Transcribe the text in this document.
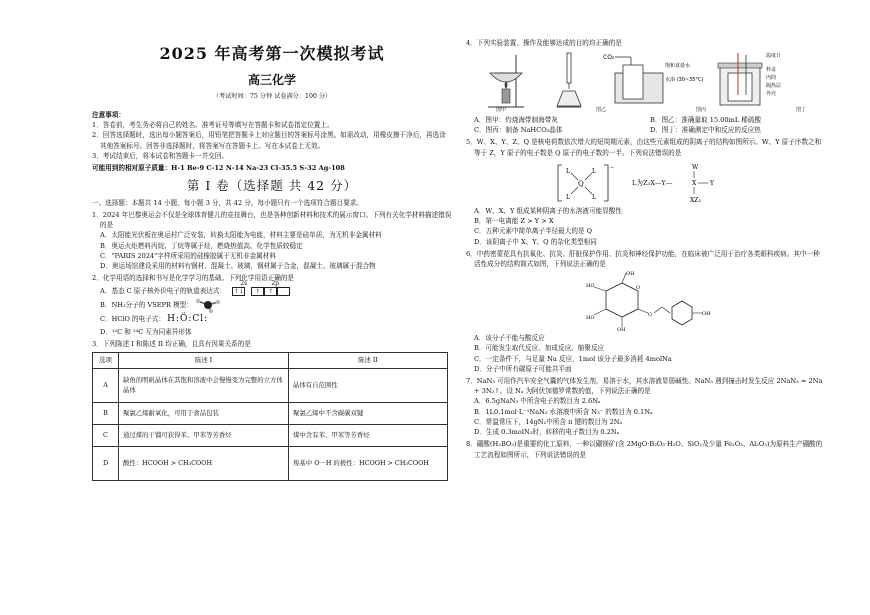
2025 年高考第一次模拟考试
高三化学
（考试时间：75 分钟 试卷满分：100 分）
注意事项：
1．答卷前，考生务必将自己的姓名、准考证号等填写在答题卡和试卷指定位置上。
2．回答选择题时，选出每小题答案后，用铅笔把答题卡上对应题目的答案标号涂黑。如需改动，用橡皮擦干净后，再选涂其他答案标号。回答非选择题时，将答案写在答题卡上。写在本试卷上无效。
3．考试结束后，将本试卷和答题卡一并交回。
可能用到的相对原子质量：H-1 Be-9 C-12 N-14 Na-23 Cl-35.5 S-32 Ag-108
第 I 卷（选择题 共 42 分）
一、选择题：本题共 14 小题，每小题 3 分，共 42 分。每小题只有一个选项符合题目要求。
1．2024 年巴黎奥运会不仅是全球体育健儿的竞技舞台，也是各种创新材料和技术的展示窗口。下列有关化学材料描述错误的是
A．太阳能光伏板在奥运村广泛安装，转换太阳能为电能，材料主要是硅单质，为无机非金属材料
B．奥运火炬燃料丙烷、丁烷等属于烃，燃烧热值高、化学性质较稳定
C．"PARIS 2024"字样所采用的硅橡胶属于无机非金属材料
D．奥运场馆建设采用的材料有钢材、混凝土、玻璃，钢材属于合金，混凝土、玻璃属于混合物
2．化学用语的选择和书写是化学学习的基础。下列化学用语正确的是
A．基态 C 原子核外价电子的轨道表达式： ↑↓	↑	↑
2s	2p
B．NH₃分子的 VSEPR 模型：
C．HClO 的电子式： H:Ö:Cl:
D．¹²C 和 ¹⁴C 互为同素异形体
3．下列陈述 I 和陈述 II 均正确，且具有因果关系的是
选项	陈述 I	陈述 II
A	缺角的明矾晶体在其饱和溶液中会慢慢变为完整的立方体晶体	晶体有自范围性
B	聚氯乙烯耐氧化，可用于食品包装	聚氯乙烯中不含碳碳双键
C	通过煤的干馏可获得苯、甲苯等芳香烃	煤中含有苯、甲苯等芳香烃
D	酸性：HCOOH > CH₃COOH	羧基中 O－H 的极性：HCOOH > CH₃COOH
4．下列实验装置、操作及能够达成的目的均正确的是
CO₂
饱和食盐水
水浴 (30~35°C)
温度计
杯盖
内筒
隔热层
外壳
图甲	图乙	图丙	图丁
A．图甲：灼烧海带制海带灰	B．图乙：准确量取 15.00mL 稀硫酸
C．图丙：制备 NaHCO₃晶体	D．图丁：准确测定中和反应的反应热
5．W、X、Y、Z、Q 是核电荷数依次增大的短周期元素，由这些元素组成的阴离子的结构如图所示。W、Y 原子序数之和等于 Z，Y 原子的电子数是 Q 原子的电子数的一半。下列说法错误的是
Q
L	L
L	L
−
L为Z₃X—Y—
W
X Y
XZ₃
A．W、X、Y 组成某种阴离子的水溶液可能显酸性
B．第一电离能 Z > Y > X
C．五种元素中简单离子半径最大的是 Q
D．该阴离子中 X、Y、Q 的杂化类型相同
6．中药密蒙花具有抗氧化、抗炎、肝脏保护作用、抗炎和神经保护功能，在临床被广泛用于治疗各类眼科疾病。其中一种活性成分的结构简式如图，下列说法正确的是
O
OH
HO
HO
OH
O	OH
A．该分子不能与酸反应
B．可能发生取代反应、加成反应、缩聚反应
C．一定条件下，与足量 Na 反应，1mol 该分子最多消耗 4molNa
D．分子中所有碳原子可能共平面
7．NaN₃ 可用作汽车安全气囊的气体发生剂，易溶于水，其水溶液显弱碱性。NaN₃ 遇到撞击时发生反应 2NaN₃ = 2Na + 3N₂↑。设 Nₐ 为阿伏加德罗常数的值，下列说法正确的是
A．6.5gNaN₃ 中所含电子的数目为 2.6Nₐ
B．1L0.1mol·L⁻¹NaN₃ 水溶液中所含 N₃⁻ 的数目为 0.1Nₐ
C．常温常压下，14gN₂中所含 π 键的数目为 2Nₐ
D．生成 0.3molN₂时，转移的电子数目为 0.2Nₐ
8．硼酸(H₃BO₃)是重要的化工原料，一种以硼镁矿(含 2MgO·B₂O₃·H₂O、SiO₂及少量 Fe₂O₃、Al₂O₃)为原料生产硼酸的工艺流程如图所示，下列说法错误的是
